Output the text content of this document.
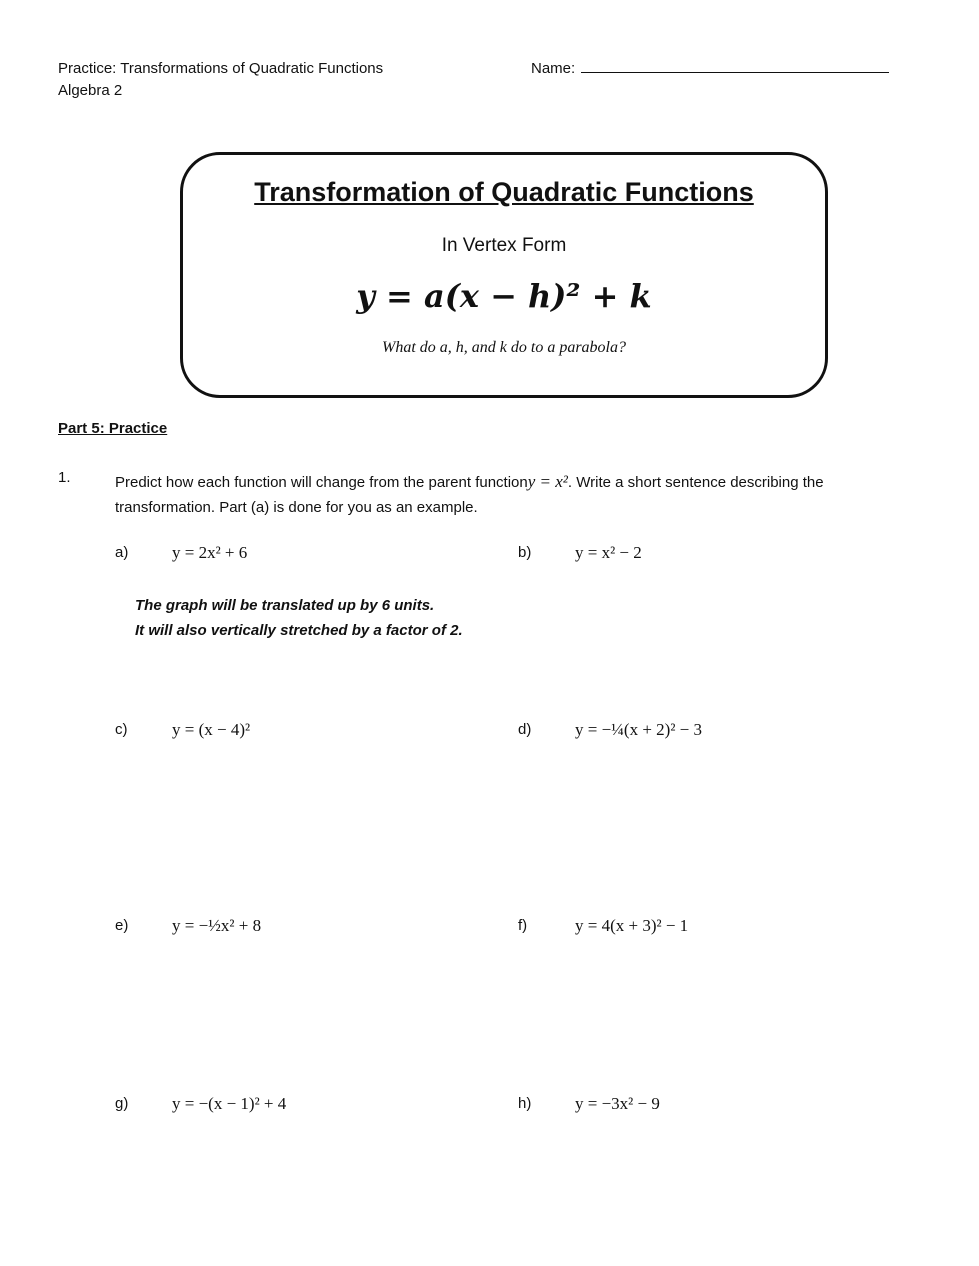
Practice: Transformations of Quadratic Functions
Algebra 2
Name:
Transformation of Quadratic Functions
In Vertex Form
y = a(x − h)² + k
What do a, h, and k do to a parabola?
Part 5: Practice
1.	Predict how each function will change from the parent functiony = x². Write a short sentence describing the transformation. Part (a) is done for you as an example.
a)	y = 2x² + 6	b)	y = x² − 2
The graph will be translated up by 6 units.
It will also vertically stretched by a factor of 2.
c)	y = (x − 4)²	d)	y = −¼(x + 2)² − 3
e)	y = −½x² + 8	f)	y = 4(x + 3)² − 1
g)	y = −(x − 1)² + 4	h)	y = −3x² − 9
